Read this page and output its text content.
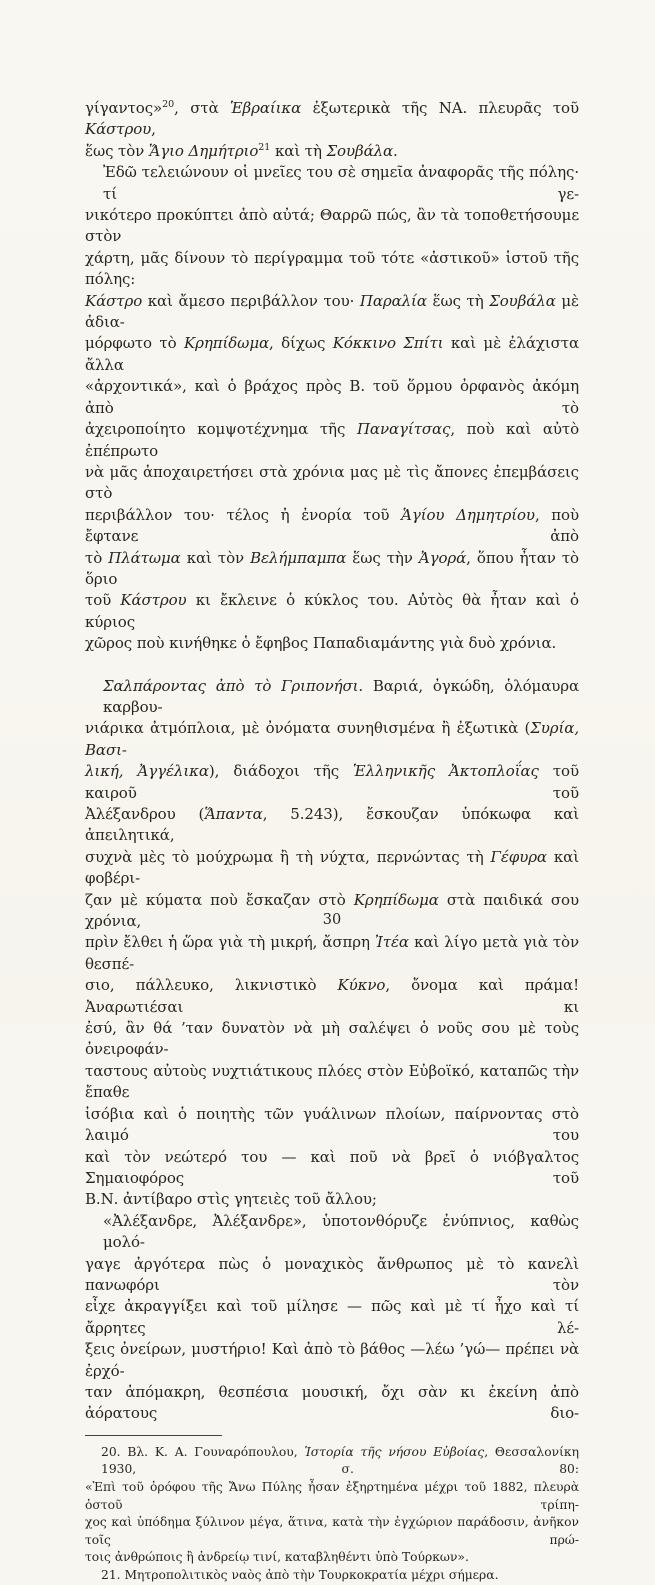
γίγαντος»$^{20}$, στὰ Ἑβραίικα ἐξωτερικὰ τῆς ΝΑ. πλευρᾶς τοῦ Κάστρου,
ἕως τὸν Ἅγιο Δημήτριο$^{21}$ καὶ τὴ Σουβάλα.
Ἐδῶ τελειώνουν οἱ μνεῖες του σὲ σημεῖα ἀναφορᾶς τῆς πόλης· τί γε-
νικότερο προκύπτει ἀπὸ αὐτά; Θαρρῶ πώς, ἂν τὰ τοποθετήσουμε στὸν
χάρτη, μᾶς δίνουν τὸ περίγραμμα τοῦ τότε «ἀστικοῦ» ἱστοῦ τῆς πόλης:
Κάστρο καὶ ἄμεσο περιβάλλον του· Παραλία ἕως τὴ Σουβάλα μὲ ἀδια-
μόρφωτο τὸ Κρηπίδωμα, δίχως Κόκκινο Σπίτι καὶ μὲ ἐλάχιστα ἄλλα
«ἀρχοντικά», καὶ ὁ βράχος πρὸς Β. τοῦ ὅρμου ὀρφανὸς ἀκόμη ἀπὸ τὸ
ἀχειροποίητο κομψοτέχνημα τῆς Παναγίτσας, ποὺ καὶ αὐτὸ ἐπέπρωτο
νὰ μᾶς ἀποχαιρετήσει στὰ χρόνια μας μὲ τὶς ἄπονες ἐπεμβάσεις στὸ
περιβάλλον του· τέλος ἡ ἐνορία τοῦ Ἁγίου Δημητρίου, ποὺ ἔφτανε ἀπὸ
τὸ Πλάτωμα καὶ τὸν Βελήμπαμπα ἕως τὴν Ἀγορά, ὅπου ἦταν τὸ ὅριο
τοῦ Κάστρου κι ἔκλεινε ὁ κύκλος του. Αὐτὸς θὰ ἦταν καὶ ὁ κύριος
χῶρος ποὺ κινήθηκε ὁ ἔφηβος Παπαδιαμάντης γιὰ δυὸ χρόνια.
Σαλπάροντας ἀπὸ τὸ Γριπονήσι. Βαριά, ὀγκώδη, ὁλόμαυρα καρβου-
νιάρικα ἀτμόπλοια, μὲ ὀνόματα συνηθισμένα ἢ ἐξωτικὰ (Συρία, Βασι-
λική, Ἀγγέλικα), διάδοχοι τῆς Ἑλληνικῆς Ἀκτοπλοΐας τοῦ καιροῦ τοῦ
Ἀλέξανδρου (Ἅπαντα, 5.243), ἔσκουζαν ὑπόκωφα καὶ ἀπειλητικά,
συχνὰ μὲς τὸ μούχρωμα ἢ τὴ νύχτα, περνώντας τὴ Γέφυρα καὶ φοβέρι-
ζαν μὲ κύματα ποὺ ἔσκαζαν στὸ Κρηπίδωμα στὰ παιδικά σου χρόνια,
πρὶν ἔλθει ἡ ὥρα γιὰ τὴ μικρή, ἄσπρη Ἰτέα καὶ λίγο μετὰ γιὰ τὸν θεσπέ-
σιο, πάλλευκο, λικνιστικὸ Κύκνο, ὄνομα καὶ πράμα! Ἀναρωτιέσαι κι
ἐσύ, ἂν θά ’ταν δυνατὸν νὰ μὴ σαλέψει ὁ νοῦς σου μὲ τοὺς ὀνειροφάν-
ταστους αὐτοὺς νυχτιάτικους πλόες στὸν Εὐβοϊκό, καταπῶς τὴν ἔπαθε
ἰσόβια καὶ ὁ ποιητὴς τῶν γυάλινων πλοίων, παίρνοντας στὸ λαιμό του
καὶ τὸν νεώτερό του — καὶ ποῦ νὰ βρεῖ ὁ νιόβγαλτος Σημαιοφόρος τοῦ
Β.Ν. ἀντίβαρο στὶς γητειὲς τοῦ ἄλλου;
«Ἀλέξανδρε, Ἀλέξανδρε», ὑποτονθόρυζε ἐνύπνιος, καθὼς μολό-
γαγε ἀργότερα πὼς ὁ μοναχικὸς ἄνθρωπος μὲ τὸ κανελὶ πανωφόρι τὸν
εἶχε ἀκραγγίξει καὶ τοῦ μίλησε — πῶς καὶ μὲ τί ἦχο καὶ τί ἄρρητες λέ-
ξεις ὀνείρων, μυστήριο! Καὶ ἀπὸ τὸ βάθος —λέω ’γώ— πρέπει νὰ ἐρχό-
ταν ἀπόμακρη, θεσπέσια μουσική, ὄχι σὰν κι ἐκείνη ἀπὸ ἀόρατους διο-
20. Βλ. Κ. Α. Γουναρόπουλου, Ἱστορία τῆς νήσου Εὐβοίας, Θεσσαλονίκη 1930, σ. 80:
«Ἐπὶ τοῦ ὀρόφου τῆς Ἄνω Πύλης ἦσαν ἐξηρτημένα μέχρι τοῦ 1882, πλευρὰ ὀστοῦ τρίπη-
χος καὶ ὑπόδημα ξύλινον μέγα, ἅτινα, κατὰ τὴν ἐγχώριον παράδοσιν, ἀνῆκον τοῖς πρώ-
τοις ἀνθρώποις ἢ ἀνδρείῳ τινί, καταβληθέντι ὑπὸ Τούρκων».
21. Μητροπολιτικὸς ναὸς ἀπὸ τὴν Τουρκοκρατία μέχρι σήμερα.
30
